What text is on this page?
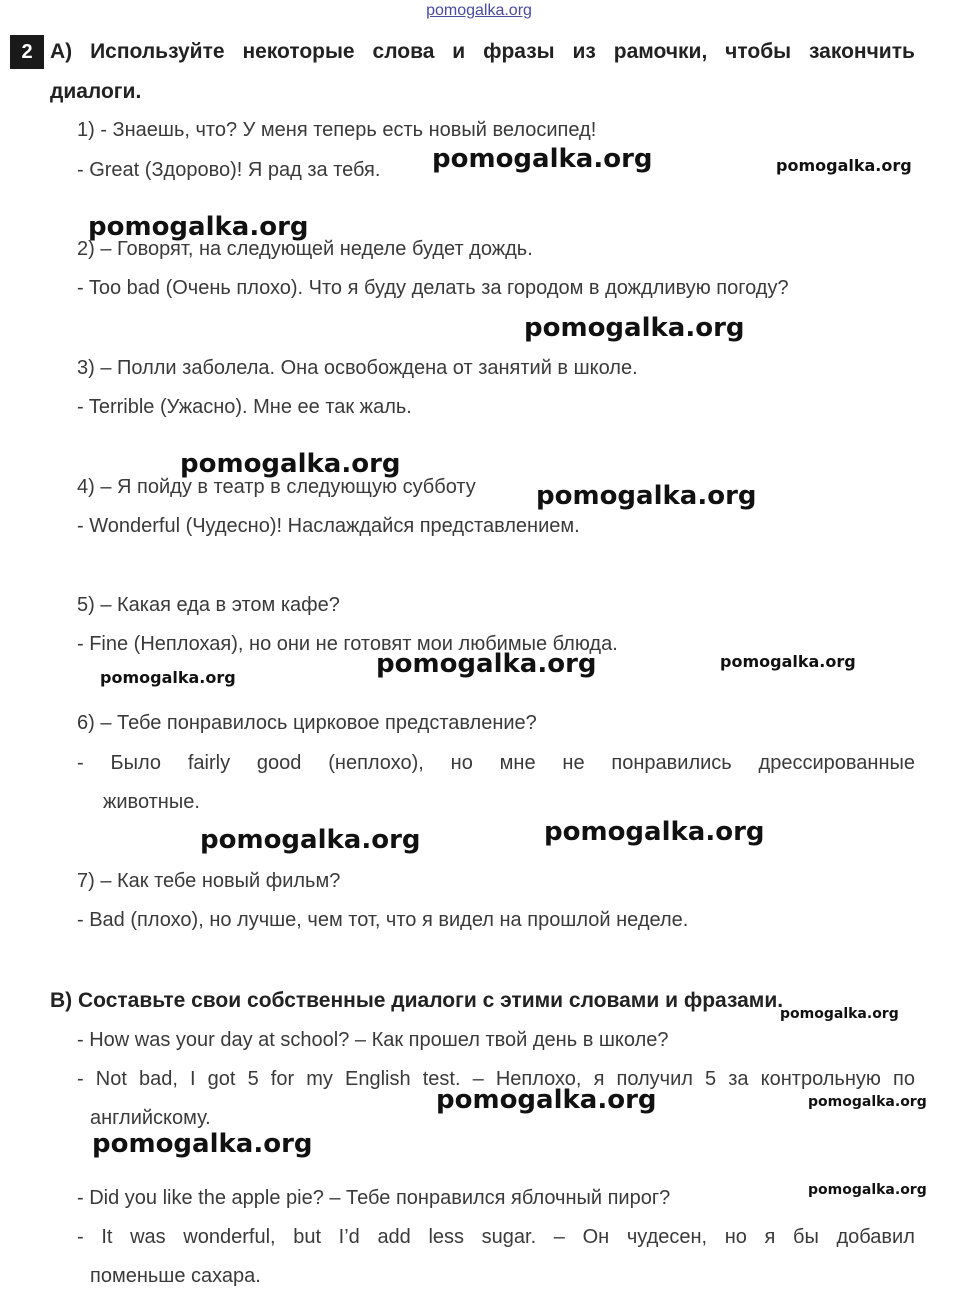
pomogalka.org
2 A) Используйте некоторые слова и фразы из рамочки, чтобы закончить
диалоги.
1) - Знаешь, что? У меня теперь есть новый велосипед!
- Great (Здорово)! Я рад за тебя.
2) – Говорят, на следующей неделе будет дождь.
- Too bad (Очень плохо). Что я буду делать за городом в дождливую погоду?
3) – Полли заболела. Она освобождена от занятий в школе.
- Terrible (Ужасно). Мне ее так жаль.
4) – Я пойду в театр в следующую субботу
- Wonderful (Чудесно)! Наслаждайся представлением.
5) – Какая еда в этом кафе?
- Fine (Неплохая), но они не готовят мои любимые блюда.
6) – Тебе понравилось цирковое представление?
- Было fairly good (неплохо), но мне не понравились дрессированные
животные.
7) – Как тебе новый фильм?
- Bad (плохо), но лучше, чем тот, что я видел на прошлой неделе.
B) Составьте свои собственные диалоги с этими словами и фразами.
- How was your day at school? – Как прошел твой день в школе?
- Not bad, I got 5 for my English test. – Неплохо, я получил 5 за контрольную по
английскому.
- Did you like the apple pie? – Тебе понравился яблочный пирог?
- It was wonderful, but I’d add less sugar. – Он чудесен, но я бы добавил
поменьше сахара.
pomogalka.org	pomogalka.org
pomogalka.org
pomogalka.org
pomogalka.org
pomogalka.org
pomogalka.org	pomogalka.org
pomogalka.org
pomogalka.org	pomogalka.org
pomogalka.org
pomogalka.org	pomogalka.org
pomogalka.org
pomogalka.org
